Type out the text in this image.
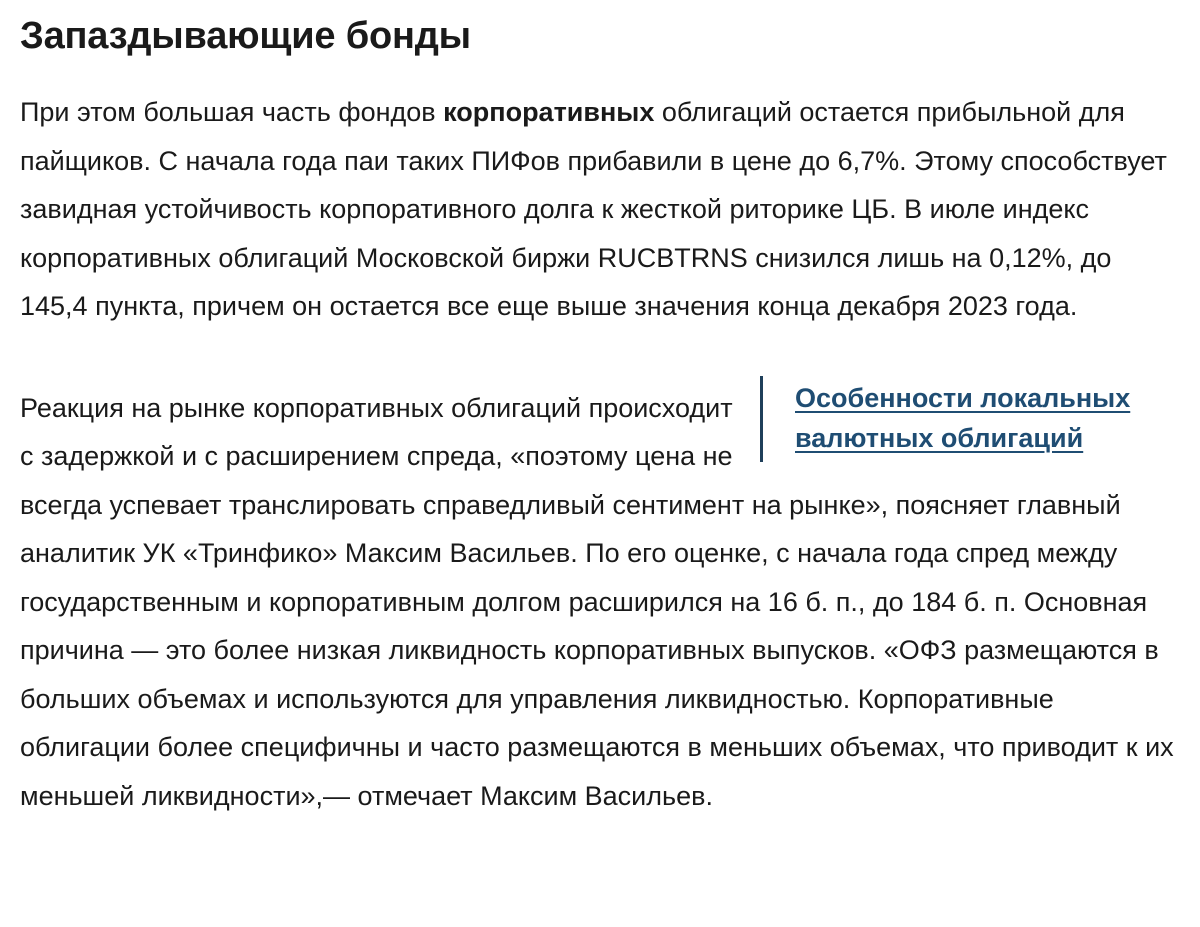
Запаздывающие бонды

При этом большая часть фондов корпоративных облигаций остается прибыльной для пайщиков. С начала года паи таких ПИФов прибавили в цене до 6,7%. Этому способствует завидная устойчивость корпоративного долга к жесткой риторике ЦБ. В июле индекс корпоративных облигаций Московской биржи RUCBTRNS снизился лишь на 0,12%, до 145,4 пункта, причем он остается все еще выше значения конца декабря 2023 года.

Особенности локальных валютных облигаций
Реакция на рынке корпоративных облигаций происходит с задержкой и с расширением спреда, «поэтому цена не всегда успевает транслировать справедливый сентимент на рынке», поясняет главный аналитик УК «Тринфико» Максим Васильев. По его оценке, с начала года спред между государственным и корпоративным долгом расширился на 16 б. п., до 184 б. п. Основная причина — это более низкая ликвидность корпоративных выпусков. «ОФЗ размещаются в больших объемах и используются для управления ликвидностью. Корпоративные облигации более специфичны и часто размещаются в меньших объемах, что приводит к их меньшей ликвидности»,— отмечает Максим Васильев.
